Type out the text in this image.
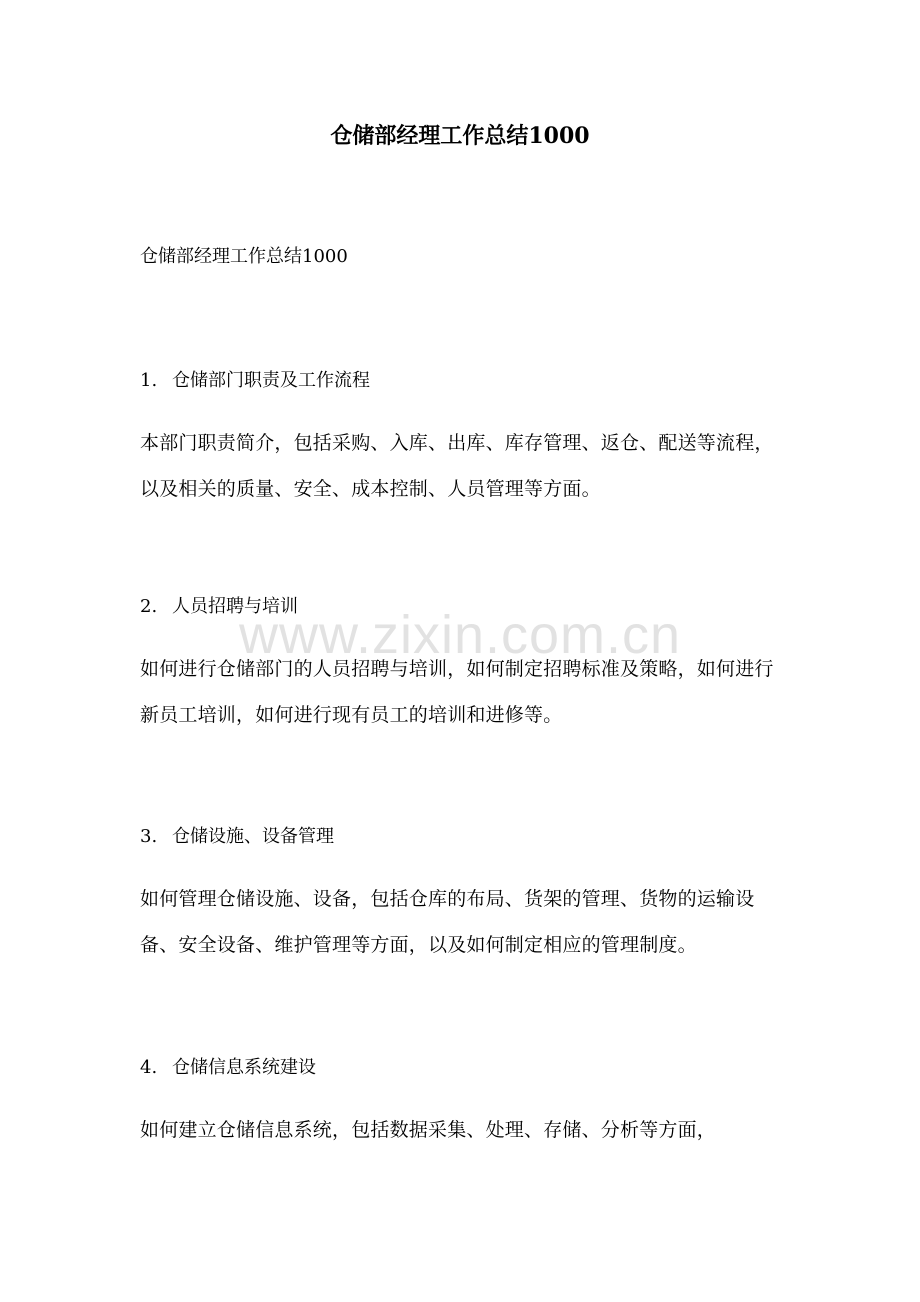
仓储部经理工作总结1000

仓储部经理工作总结1000

1. 仓储部门职责及工作流程

本部门职责简介，包括采购、入库、出库、库存管理、返仓、配送等流程，以及相关的质量、安全、成本控制、人员管理等方面。

2. 人员招聘与培训

如何进行仓储部门的人员招聘与培训，如何制定招聘标准及策略，如何进行新员工培训，如何进行现有员工的培训和进修等。

3. 仓储设施、设备管理

如何管理仓储设施、设备，包括仓库的布局、货架的管理、货物的运输设备、安全设备、维护管理等方面，以及如何制定相应的管理制度。

4. 仓储信息系统建设

如何建立仓储信息系统，包括数据采集、处理、存储、分析等方面，

www.zixin.com.cn
